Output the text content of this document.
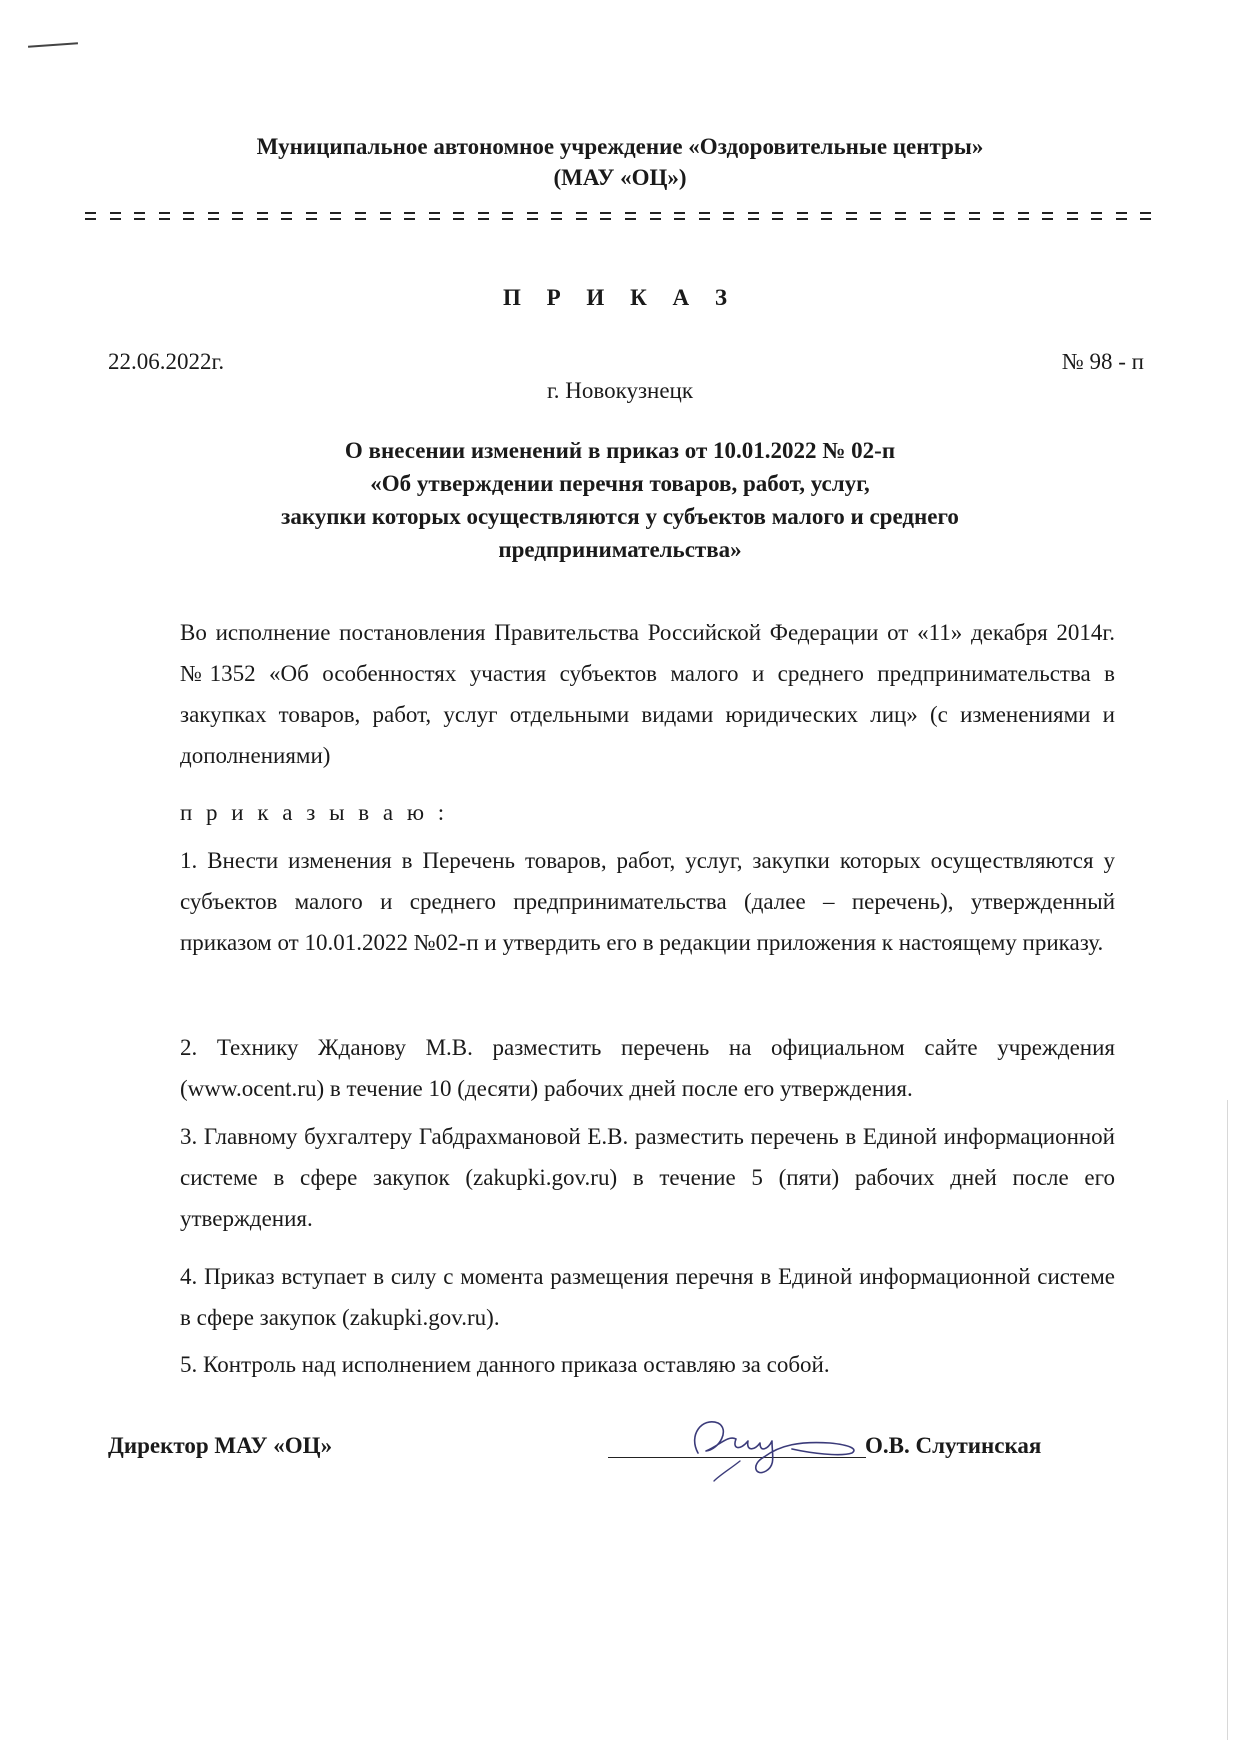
Муниципальное автономное учреждение «Оздоровительные центры»
(МАУ «ОЦ»)
П Р И К А З
22.06.2022г.	№ 98 - п
г. Новокузнецк
О внесении изменений в приказ от 10.01.2022 № 02-п
«Об утверждении перечня товаров, работ, услуг,
закупки которых осуществляются у субъектов малого и среднего
предпринимательства»
Во исполнение постановления Правительства Российской Федерации от «11» декабря 2014г. №1352 «Об особенностях участия субъектов малого и среднего предпринимательства в закупках товаров, работ, услуг отдельными видами юридических лиц» (с изменениями и дополнениями)
п р и к а з ы в а ю :
1. Внести изменения в Перечень товаров, работ, услуг, закупки которых осуществляются у субъектов малого и среднего предпринимательства (далее – перечень), утвержденный приказом от 10.01.2022 №02-п и утвердить его в редакции приложения к настоящему приказу.
2. Технику Жданову М.В. разместить перечень на официальном сайте учреждения (www.ocent.ru) в течение 10 (десяти) рабочих дней после его утверждения.
3. Главному бухгалтеру Габдрахмановой Е.В. разместить перечень в Единой информационной системе в сфере закупок (zakupki.gov.ru) в течение 5 (пяти) рабочих дней после его утверждения.
4. Приказ вступает в силу с момента размещения перечня в Единой информационной системе в сфере закупок (zakupki.gov.ru).
5. Контроль над исполнением данного приказа оставляю за собой.
Директор МАУ «ОЦ»	О.В. Слутинская
